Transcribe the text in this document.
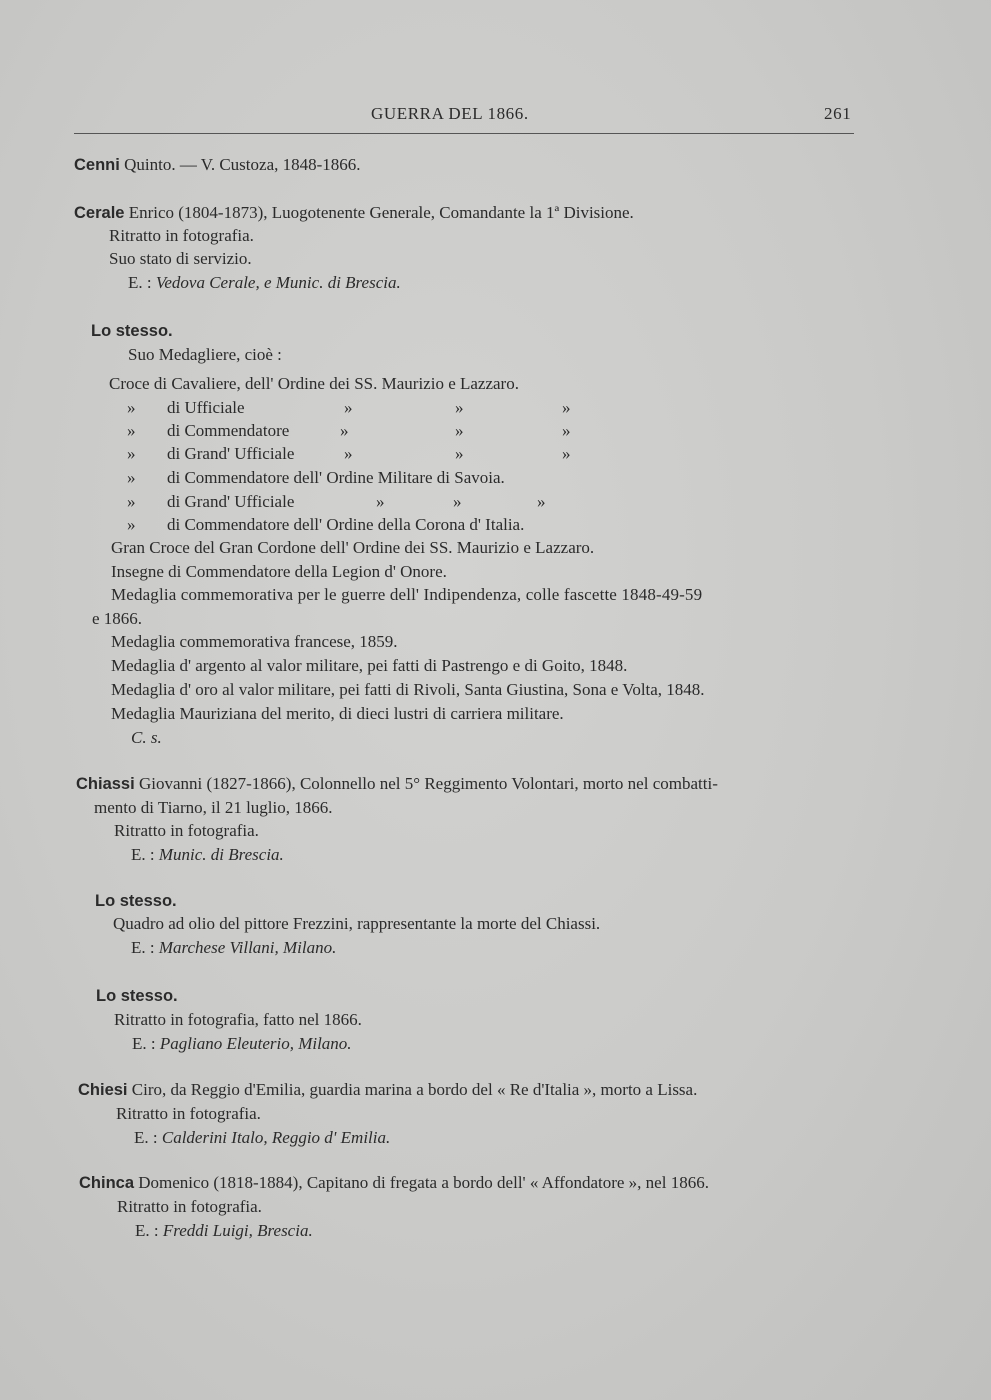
GUERRA DEL 1866.	261
Cenni Quinto. — V. Custoza, 1848-1866.
Cerale Enrico (1804-1873), Luogotenente Generale, Comandante la 1ª Divisione.
Ritratto in fotografia.
Suo stato di servizio.
E. : Vedova Cerale, e Munic. di Brescia.
Lo stesso.
Suo Medagliere, cioè :
Croce di Cavaliere, dell' Ordine dei SS. Maurizio e Lazzaro.
» di Ufficiale	»	»	»
» di Commendatore	»	»	»
» di Grand' Ufficiale	»	»	»
» di Commendatore dell' Ordine Militare di Savoia.
» di Grand' Ufficiale	»	»	»
» di Commendatore dell' Ordine della Corona d' Italia.
Gran Croce del Gran Cordone dell' Ordine dei SS. Maurizio e Lazzaro.
Insegne di Commendatore della Legion d' Onore.
Medaglia commemorativa per le guerre dell' Indipendenza, colle fascette 1848-49-59
e 1866.
Medaglia commemorativa francese, 1859.
Medaglia d' argento al valor militare, pei fatti di Pastrengo e di Goito, 1848.
Medaglia d' oro al valor militare, pei fatti di Rivoli, Santa Giustina, Sona e Volta, 1848.
Medaglia Mauriziana del merito, di dieci lustri di carriera militare.
C. s.
Chiassi Giovanni (1827-1866), Colonnello nel 5° Reggimento Volontari, morto nel combatti-
mento di Tiarno, il 21 luglio, 1866.
Ritratto in fotografia.
E. : Munic. di Brescia.
Lo stesso.
Quadro ad olio del pittore Frezzini, rappresentante la morte del Chiassi.
E. : Marchese Villani, Milano.
Lo stesso.
Ritratto in fotografia, fatto nel 1866.
E. : Pagliano Eleuterio, Milano.
Chiesi Ciro, da Reggio d'Emilia, guardia marina a bordo del « Re d'Italia », morto a Lissa.
Ritratto in fotografia.
E. : Calderini Italo, Reggio d' Emilia.
Chinca Domenico (1818-1884), Capitano di fregata a bordo dell' « Affondatore », nel 1866.
Ritratto in fotografia.
E. : Freddi Luigi, Brescia.
